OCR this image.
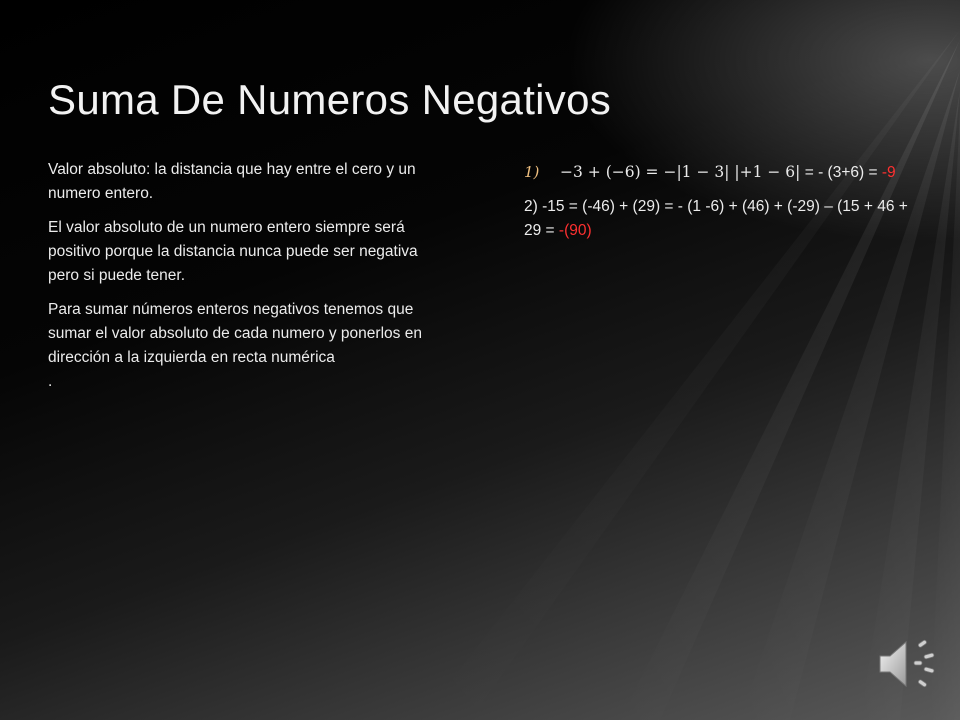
Suma De Numeros Negativos

Valor absoluto: la distancia que hay entre el cero y un numero entero.

El valor absoluto de un numero entero siempre será positivo porque la distancia nunca puede ser negativa pero si puede tener.

Para sumar números enteros negativos tenemos que sumar el valor absoluto de cada numero y ponerlos en dirección a la izquierda en recta numérica

.

1)	−3 + (−6) = −|1 − 3| |+1 − 6| = - (3+6) = -9
2) -15 = (-46) + (29) = - (1 -6) + (46) + (-29) – (15 + 46 + 29 = -(90)
